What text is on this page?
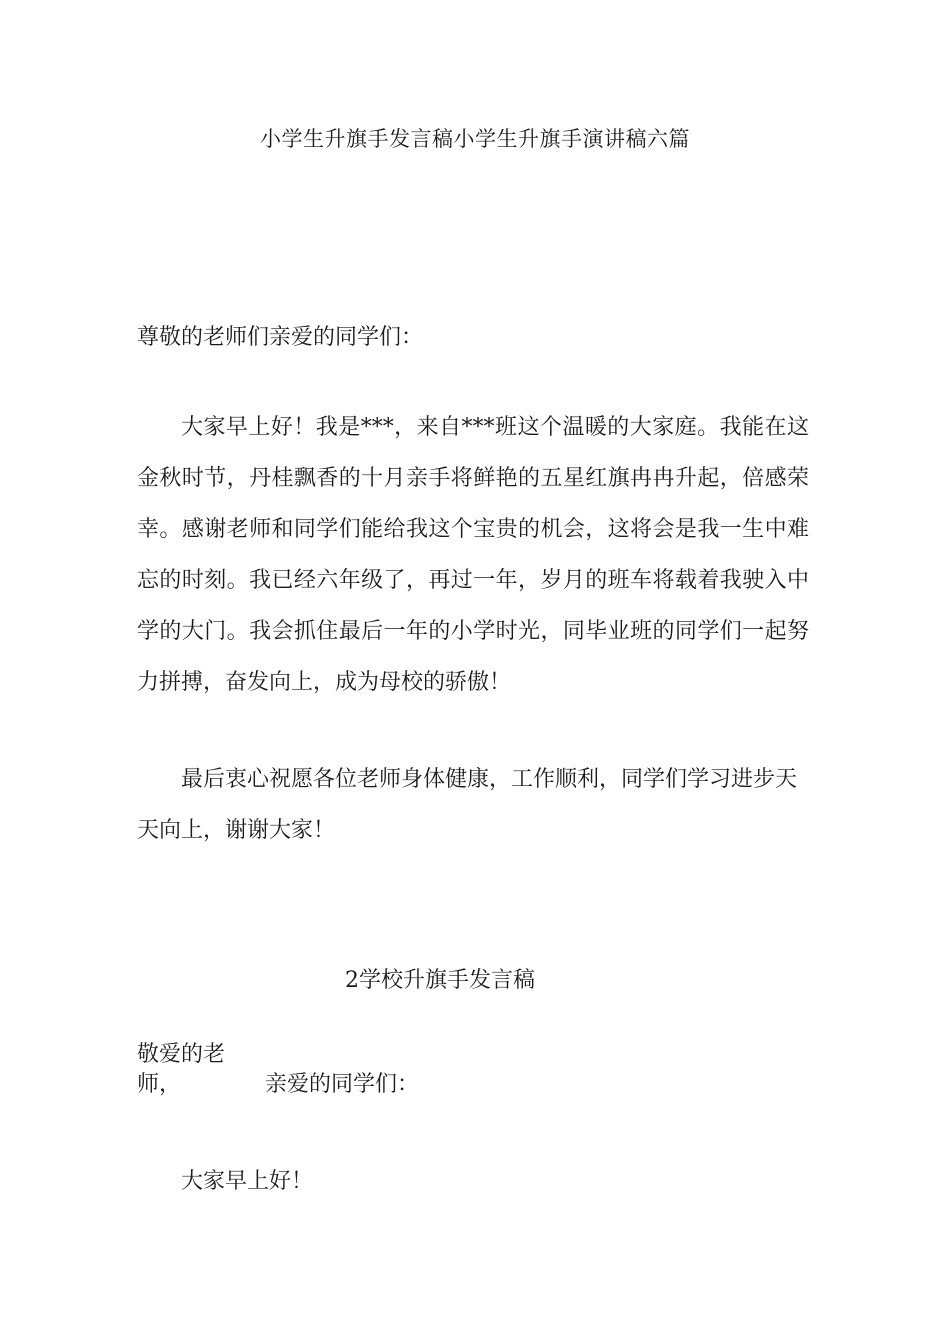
小学生升旗手发言稿小学生升旗手演讲稿六篇
尊敬的老师们亲爱的同学们：

大家早上好！我是***，来自***班这个温暖的大家庭。我能在这金秋时节，丹桂飘香的十月亲手将鲜艳的五星红旗冉冉升起，倍感荣幸。感谢老师和同学们能给我这个宝贵的机会，这将会是我一生中难忘的时刻。我已经六年级了，再过一年，岁月的班车将载着我驶入中学的大门。我会抓住最后一年的小学时光，同毕业班的同学们一起努力拼搏，奋发向上，成为母校的骄傲！

最后衷心祝愿各位老师身体健康，工作顺利，同学们学习进步天天向上，谢谢大家！

2学校升旗手发言稿
敬爱的老
师，	亲爱的同学们：
大家早上好！
